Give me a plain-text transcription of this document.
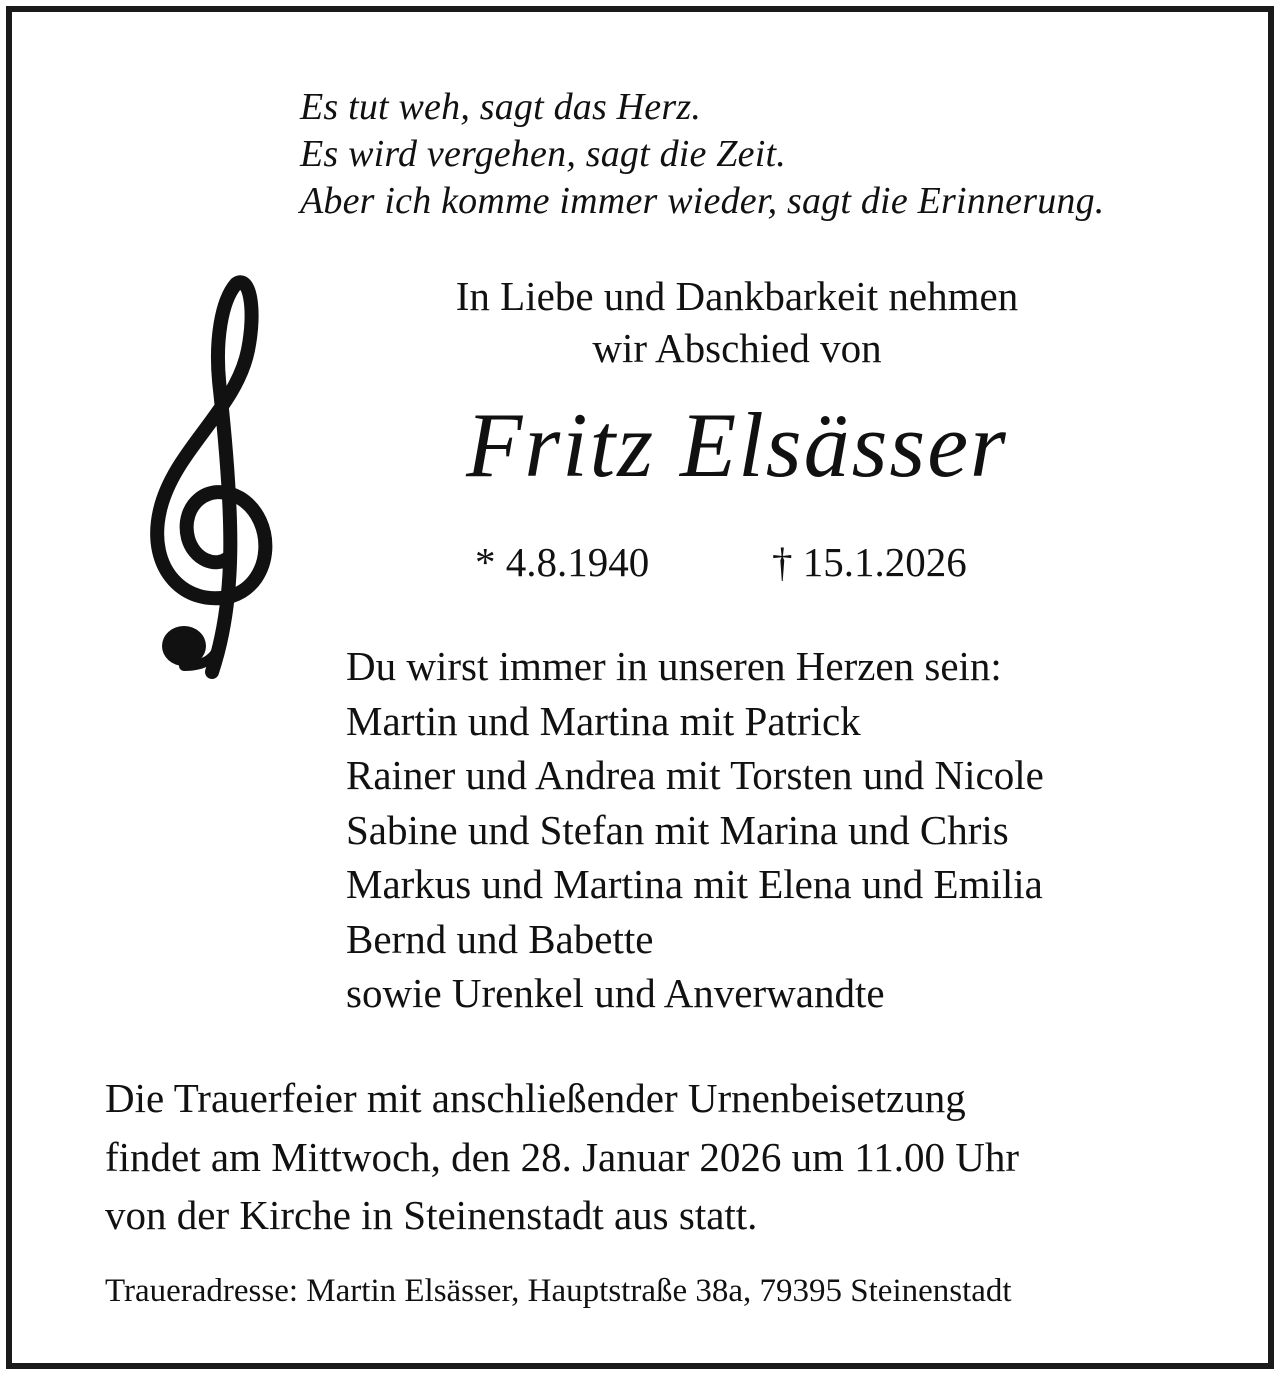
Es tut weh, sagt das Herz.
Es wird vergehen, sagt die Zeit.
Aber ich komme immer wieder, sagt die Erinnerung.
In Liebe und Dankbarkeit nehmen
wir Abschied von
Fritz Elsässer
* 4.8.1940	† 15.1.2026
Du wirst immer in unseren Herzen sein:
Martin und Martina mit Patrick
Rainer und Andrea mit Torsten und Nicole
Sabine und Stefan mit Marina und Chris
Markus und Martina mit Elena und Emilia
Bernd und Babette
sowie Urenkel und Anverwandte
Die Trauerfeier mit anschließender Urnenbeisetzung
findet am Mittwoch, den 28. Januar 2026 um 11.00 Uhr
von der Kirche in Steinenstadt aus statt.
Traueradresse: Martin Elsässer, Hauptstraße 38a, 79395 Steinenstadt
